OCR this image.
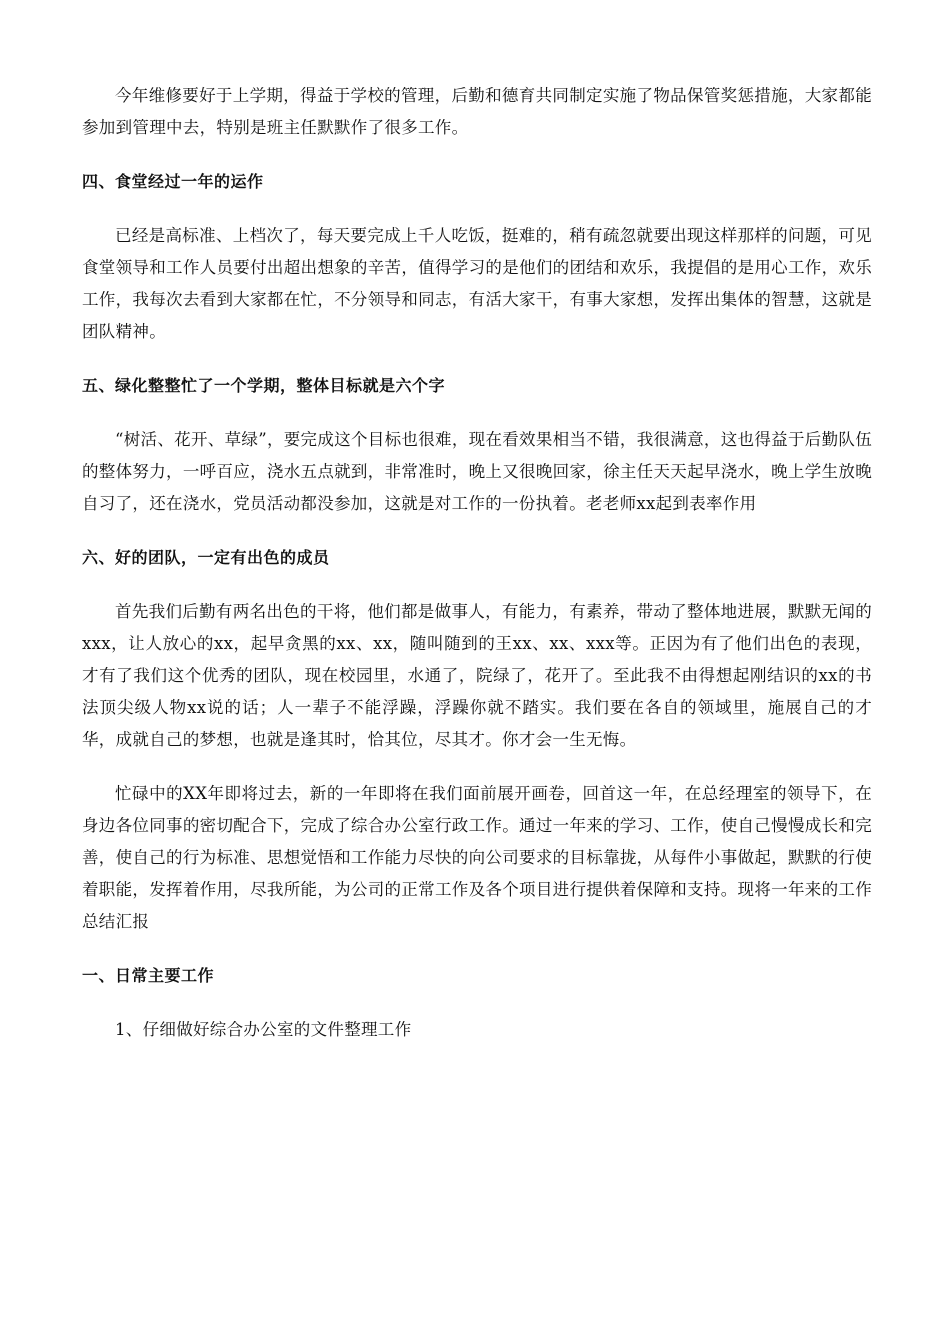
今年维修要好于上学期，得益于学校的管理，后勤和德育共同制定实施了物品保管奖惩措施，大家都能参加到管理中去，特别是班主任默默作了很多工作。

四、食堂经过一年的运作

已经是高标准、上档次了，每天要完成上千人吃饭，挺难的，稍有疏忽就要出现这样那样的问题，可见食堂领导和工作人员要付出超出想象的辛苦，值得学习的是他们的团结和欢乐，我提倡的是用心工作，欢乐工作，我每次去看到大家都在忙，不分领导和同志，有活大家干，有事大家想，发挥出集体的智慧，这就是团队精神。

五、绿化整整忙了一个学期，整体目标就是六个字

“树活、花开、草绿”，要完成这个目标也很难，现在看效果相当不错，我很满意，这也得益于后勤队伍的整体努力，一呼百应，浇水五点就到，非常准时，晚上又很晚回家，徐主任天天起早浇水，晚上学生放晚自习了，还在浇水，党员活动都没参加，这就是对工作的一份执着。老老师xx起到表率作用

六、好的团队，一定有出色的成员

首先我们后勤有两名出色的干将，他们都是做事人，有能力，有素养，带动了整体地进展，默默无闻的xxx，让人放心的xx，起早贪黑的xx、xx，随叫随到的王xx、xx、xxx等。正因为有了他们出色的表现，才有了我们这个优秀的团队，现在校园里，水通了，院绿了，花开了。至此我不由得想起刚结识的xx的书法顶尖级人物xx说的话；人一辈子不能浮躁，浮躁你就不踏实。我们要在各自的领域里，施展自己的才华，成就自己的梦想，也就是逢其时，恰其位，尽其才。你才会一生无悔。

忙碌中的XX年即将过去，新的一年即将在我们面前展开画卷，回首这一年，在总经理室的领导下，在身边各位同事的密切配合下，完成了综合办公室行政工作。通过一年来的学习、工作，使自己慢慢成长和完善，使自己的行为标准、思想觉悟和工作能力尽快的向公司要求的目标靠拢，从每件小事做起，默默的行使着职能，发挥着作用，尽我所能，为公司的正常工作及各个项目进行提供着保障和支持。现将一年来的工作总结汇报

一、日常主要工作

1、仔细做好综合办公室的文件整理工作
